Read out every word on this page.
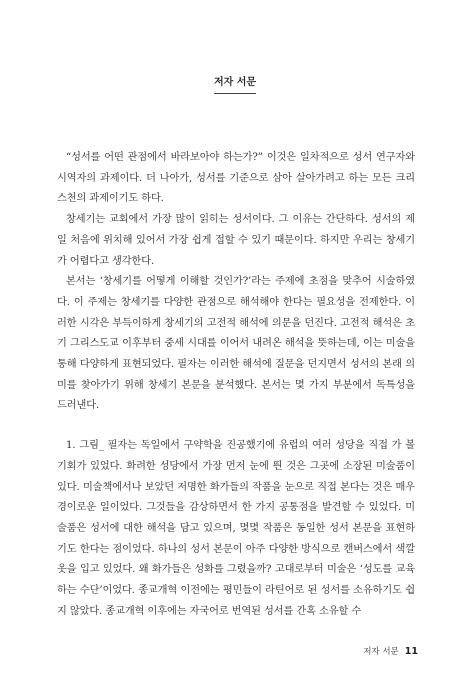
저자 서문

“성서를 어떤 관점에서 바라보아야 하는가?” 이것은 일차적으로 성서 연구자와 시역자의 과제이다. 더 나아가, 성서를 기준으로 삼아 살아가려고 하는 모든 크리스천의 과제이기도 하다.

창세기는 교회에서 가장 많이 읽히는 성서이다. 그 이유는 간단하다. 성서의 제일 처음에 위치해 있어서 가장 쉽게 접할 수 있기 때문이다. 하지만 우리는 창세기가 어렵다고 생각한다.

본서는 ‘창세기를 어떻게 이해할 것인가?’라는 주제에 초점을 맞추어 시술하였다. 이 주제는 창세기를 다양한 관점으로 해석해야 한다는 필요성을 전제한다. 이러한 시각은 부득이하게 창세기의 고전적 해석에 의문을 던진다. 고전적 해석은 초기 그리스도교 이후부터 중세 시대를 이어서 내려온 해석을 뜻하는데, 이는 미술을 통해 다양하게 표현되었다. 필자는 이러한 해석에 질문을 던지면서 성서의 본래 의미를 찾아가기 위해 창세기 본문을 분석했다. 본서는 몇 가지 부분에서 독특성을 드러낸다.

1. 그림_ 필자는 독일에서 구약학을 진공했기에 유럽의 여러 성당을 직접 가 볼 기회가 있었다. 화려한 성당에서 가장 먼저 눈에 띈 것은 그곳에 소장된 미술품이 있다. 미술책에서나 보았던 저명한 화가들의 작품을 눈으로 직접 본다는 것은 매우 경이로운 일이었다. 그것들을 감상하면서 한 가지 공통점을 발견할 수 있었다. 미술품은 성서에 대한 해석을 담고 있으며, 몇몇 작품은 동일한 성서 본문을 표현하기도 한다는 점이었다. 하나의 성서 본문이 아주 다양한 방식으로 캔버스에서 색깔 옷을 입고 있었다. 왜 화가들은 성화를 그렸을까? 고대로부터 미술은 ‘성도를 교육하는 수단’이었다. 종교개혁 이전에는 평민들이 라틴어로 된 성서를 소유하기도 쉽지 않았다. 종교개혁 이후에는 자국어로 번역된 성서를 간혹 소유할 수

저자 서문 11
